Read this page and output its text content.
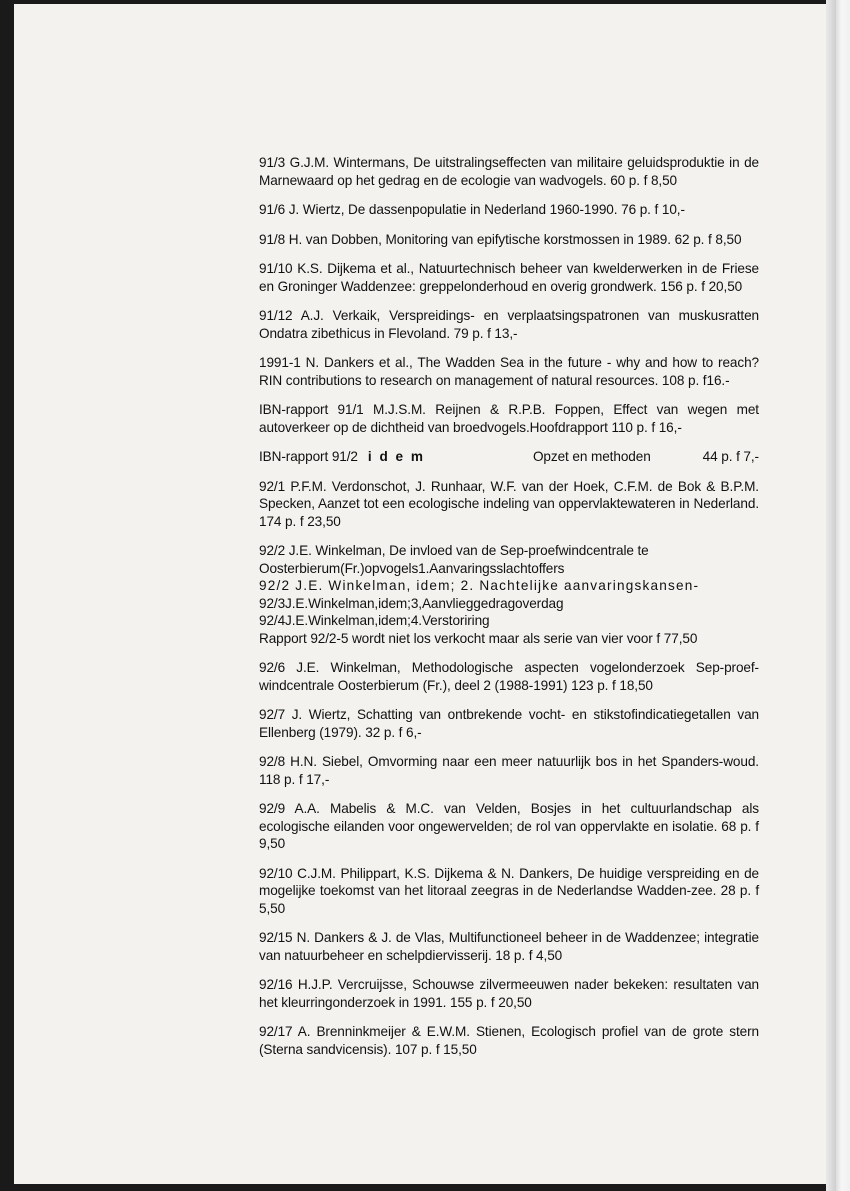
91/3 G.J.M. Wintermans, De uitstralingseffecten van militaire geluidsproduktie in de Marnewaard op het gedrag en de ecologie van wadvogels. 60 p. f 8,50
91/6 J. Wiertz, De dassenpopulatie in Nederland 1960-1990. 76 p. f 10,-
91/8 H. van Dobben, Monitoring van epifytische korstmossen in 1989. 62 p. f 8,50
91/10 K.S. Dijkema et al., Natuurtechnisch beheer van kwelderwerken in de Friese en Groninger Waddenzee: greppelonderhoud en overig grondwerk. 156 p. f 20,50
91/12 A.J. Verkaik, Verspreidings- en verplaatsingspatronen van muskusratten Ondatra zibethicus in Flevoland. 79 p. f 13,-
1991-1 N. Dankers et al., The Wadden Sea in the future - why and how to reach?RIN contributions to research on management of natural resources. 108 p. f16.-
IBN-rapport 91/1 M.J.S.M. Reijnen & R.P.B. Foppen, Effect van wegen met autoverkeer op de dichtheid van broedvogels.Hoofdrapport 110 p. f 16,-
IBN-rapport 91/2 i d e m	Opzet en methoden	44 p. f 7,-
92/1 P.F.M. Verdonschot, J. Runhaar, W.F. van der Hoek, C.F.M. de Bok & B.P.M. Specken, Aanzet tot een ecologische indeling van oppervlaktewateren in Nederland. 174 p. f 23,50
92/2 J.E. Winkelman, De invloed van de Sep-proefwindcentrale te Oosterbierum(Fr.)opvogels1.Aanvaringsslachtoffers
92/2 J.E. Winkelman, idem; 2. Nachtelijke aanvaringskansen-
92/3J.E.Winkelman,idem;3,Aanvlieggedragoverdag
92/4J.E.Winkelman,idem;4.Verstoriring
Rapport 92/2-5 wordt niet los verkocht maar als serie van vier voor f 77,50
92/6 J.E. Winkelman, Methodologische aspecten vogelonderzoek Sep-proef-windcentrale Oosterbierum (Fr.), deel 2 (1988-1991) 123 p. f 18,50
92/7 J. Wiertz, Schatting van ontbrekende vocht- en stikstofindicatiegetallen van Ellenberg (1979). 32 p. f 6,-
92/8 H.N. Siebel, Omvorming naar een meer natuurlijk bos in het Spanders-woud. 118 p. f 17,-
92/9 A.A. Mabelis & M.C. van Velden, Bosjes in het cultuurlandschap als ecologische eilanden voor ongewervelden; de rol van oppervlakte en isolatie. 68 p. f 9,50
92/10 C.J.M. Philippart, K.S. Dijkema & N. Dankers, De huidige verspreiding en de mogelijke toekomst van het litoraal zeegras in de Nederlandse Wadden-zee. 28 p. f 5,50
92/15 N. Dankers & J. de Vlas, Multifunctioneel beheer in de Waddenzee; integratie van natuurbeheer en schelpdiervisserij. 18 p. f 4,50
92/16 H.J.P. Vercruijsse, Schouwse zilvermeeuwen nader bekeken: resultaten van het kleurringonderzoek in 1991. 155 p. f 20,50
92/17 A. Brenninkmeijer & E.W.M. Stienen, Ecologisch profiel van de grote stern (Sterna sandvicensis). 107 p. f 15,50
